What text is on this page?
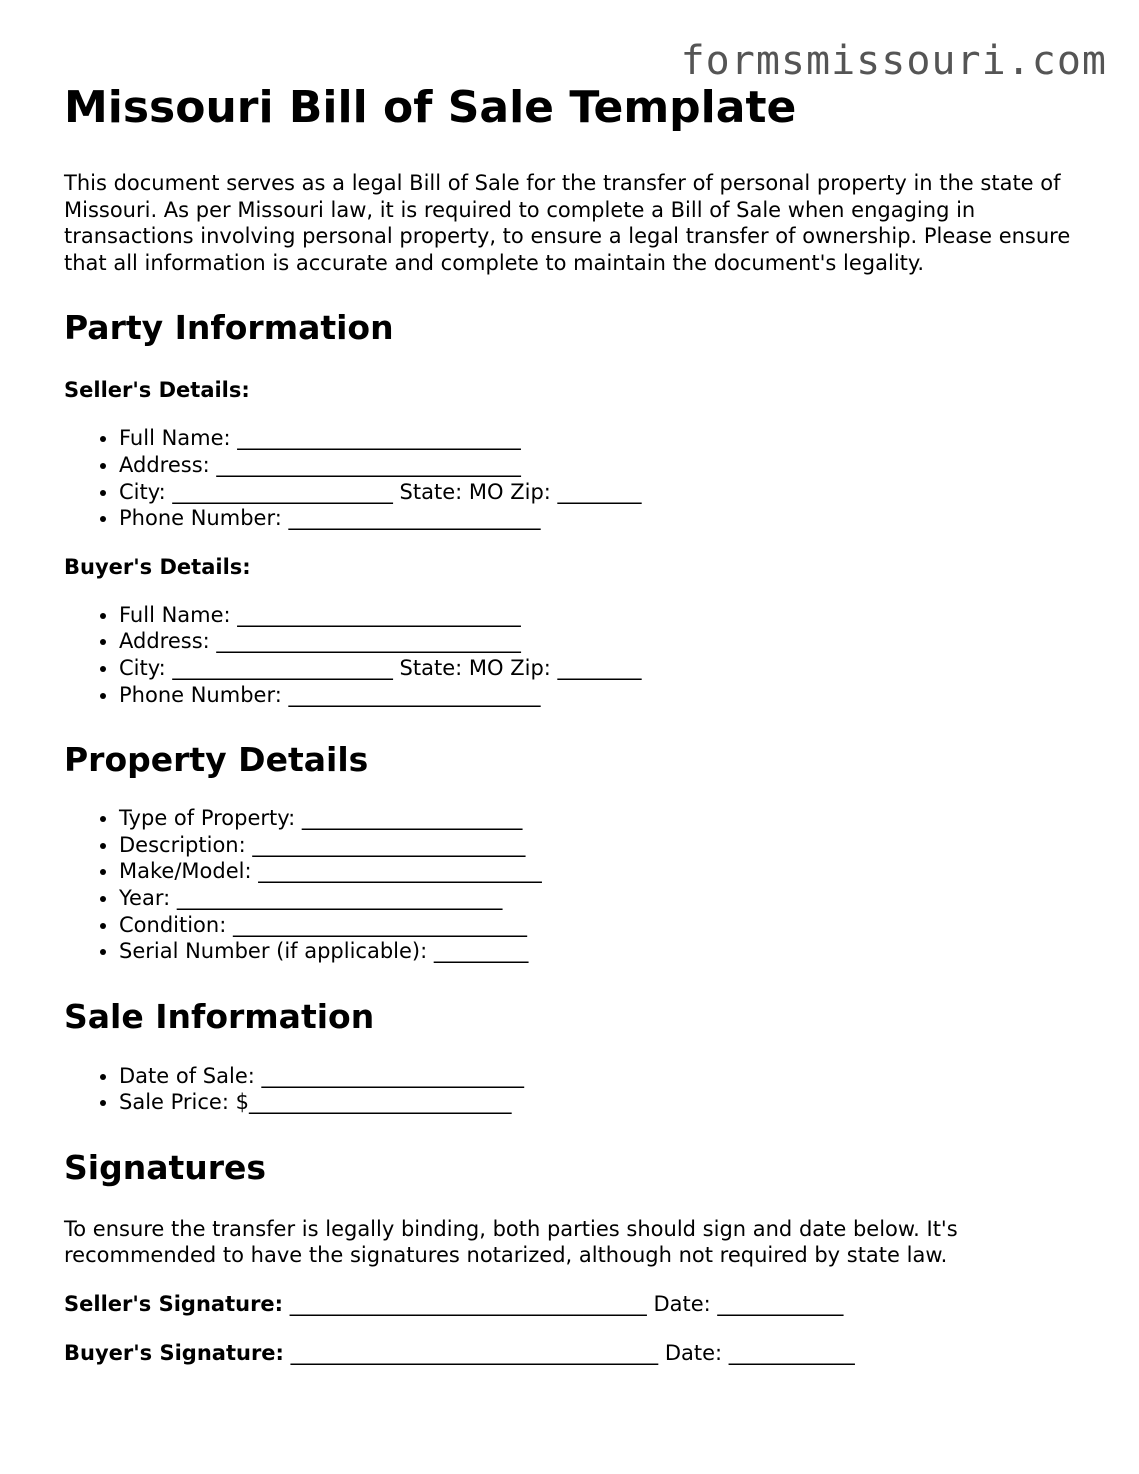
formsmissouri.com
Missouri Bill of Sale Template

This document serves as a legal Bill of Sale for the transfer of personal property in the state of Missouri. As per Missouri law, it is required to complete a Bill of Sale when engaging in transactions involving personal property, to ensure a legal transfer of ownership. Please ensure that all information is accurate and complete to maintain the document's legality.

Party Information
Seller's Details:
• Full Name: ___________________________
• Address: _____________________________
• City: _____________________ State: MO Zip: ________
• Phone Number: ________________________
Buyer's Details:
• Full Name: ___________________________
• Address: _____________________________
• City: _____________________ State: MO Zip: ________
• Phone Number: ________________________
Property Details
• Type of Property: _____________________
• Description: __________________________
• Make/Model: ___________________________
• Year: _______________________________
• Condition: ____________________________
• Serial Number (if applicable): _________
Sale Information
• Date of Sale: _________________________
• Sale Price: $_________________________
Signatures

To ensure the transfer is legally binding, both parties should sign and date below. It's recommended to have the signatures notarized, although not required by state law.

Seller's Signature: __________________________________ Date: ____________

Buyer's Signature: ___________________________________ Date: ____________
